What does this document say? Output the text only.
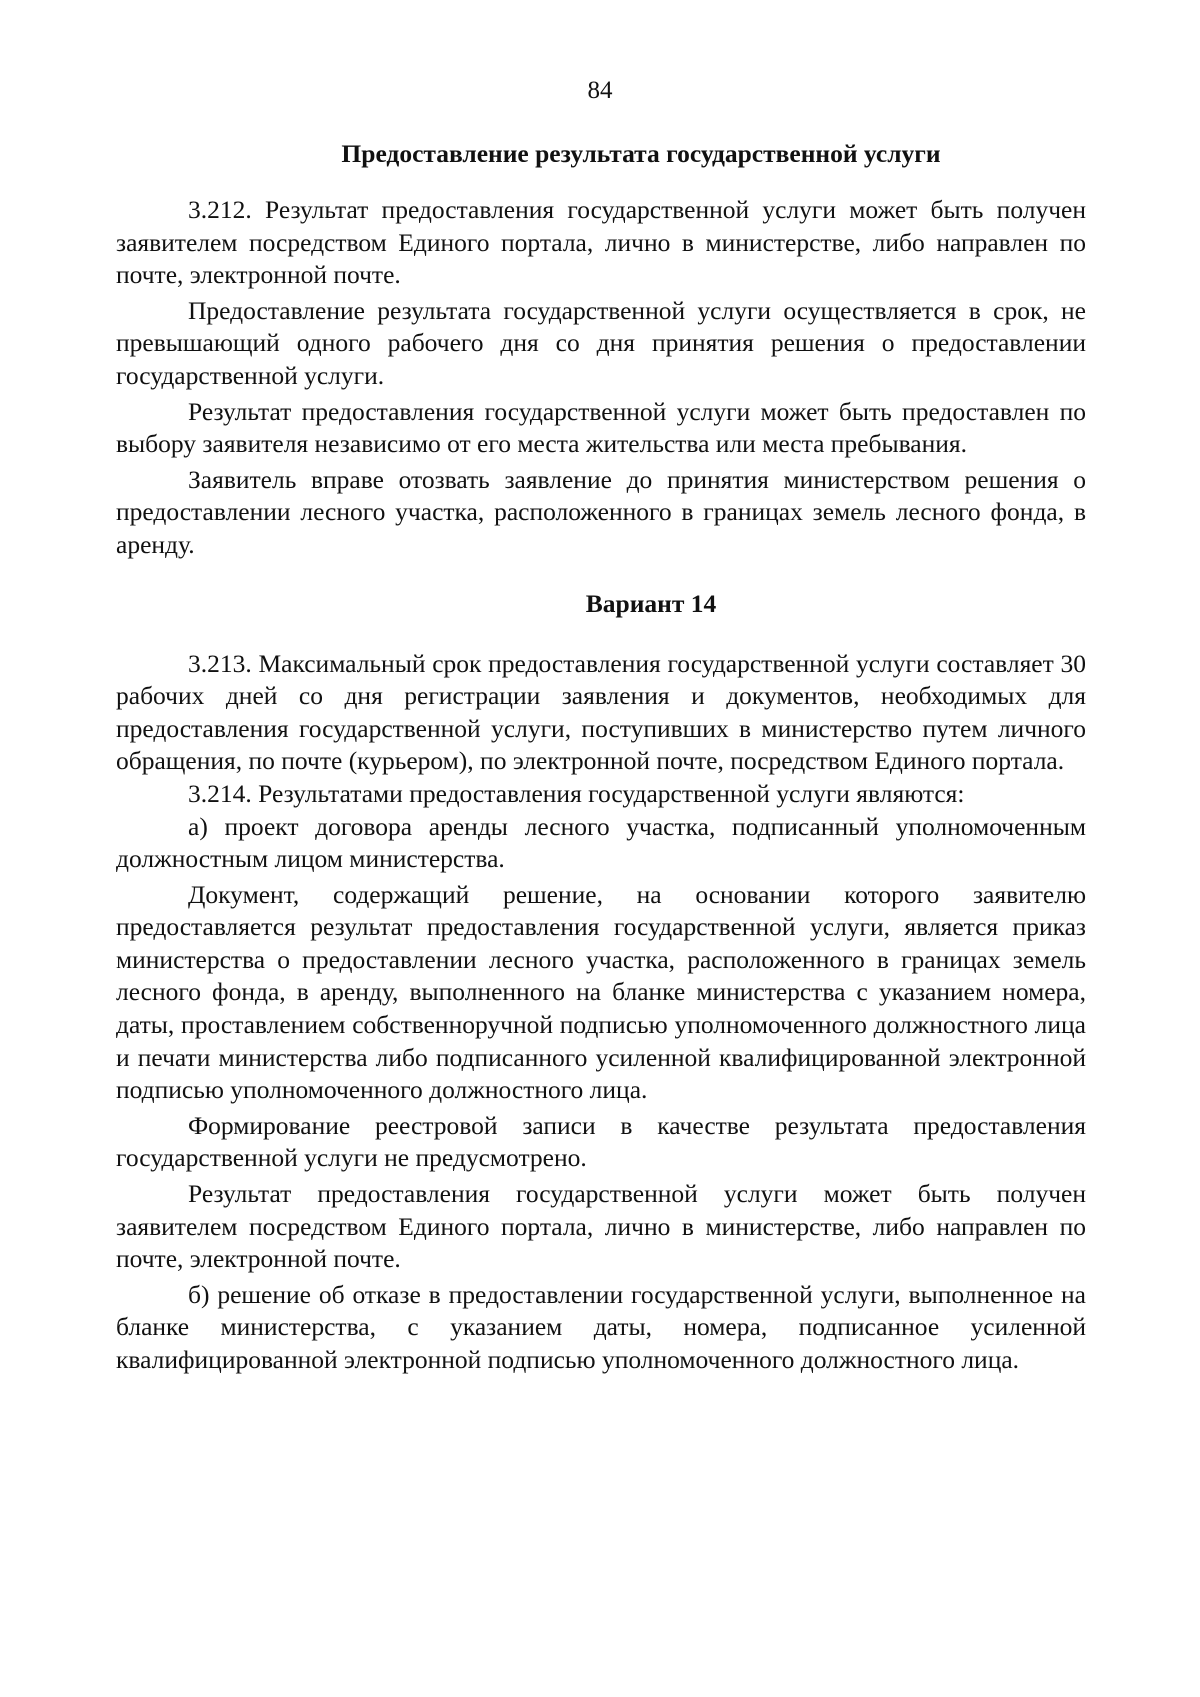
84
Предоставление результата государственной услуги

3.212. Результат предоставления государственной услуги может быть получен заявителем посредством Единого портала, лично в министерстве, либо направлен по почте, электронной почте.

Предоставление результата государственной услуги осуществляется в срок, не превышающий одного рабочего дня со дня принятия решения о предоставлении государственной услуги.

Результат предоставления государственной услуги может быть предоставлен по выбору заявителя независимо от его места жительства или места пребывания.

Заявитель вправе отозвать заявление до принятия министерством решения о предоставлении лесного участка, расположенного в границах земель лесного фонда, в аренду.

Вариант 14

3.213. Максимальный срок предоставления государственной услуги составляет 30 рабочих дней со дня регистрации заявления и документов, необходимых для предоставления государственной услуги, поступивших в министерство путем личного обращения, по почте (курьером), по электронной почте, посредством Единого портала.

3.214. Результатами предоставления государственной услуги являются:

а) проект договора аренды лесного участка, подписанный уполномоченным должностным лицом министерства.

Документ, содержащий решение, на основании которого заявителю предоставляется результат предоставления государственной услуги, является приказ министерства о предоставлении лесного участка, расположенного в границах земель лесного фонда, в аренду, выполненного на бланке министерства с указанием номера, даты, проставлением собственноручной подписью уполномоченного должностного лица и печати министерства либо подписанного усиленной квалифицированной электронной подписью уполномоченного должностного лица.

Формирование реестровой записи в качестве результата предоставления государственной услуги не предусмотрено.

Результат предоставления государственной услуги может быть получен заявителем посредством Единого портала, лично в министерстве, либо направлен по почте, электронной почте.

б) решение об отказе в предоставлении государственной услуги, выполненное на бланке министерства, с указанием даты, номера, подписанное усиленной квалифицированной электронной подписью уполномоченного должностного лица.
